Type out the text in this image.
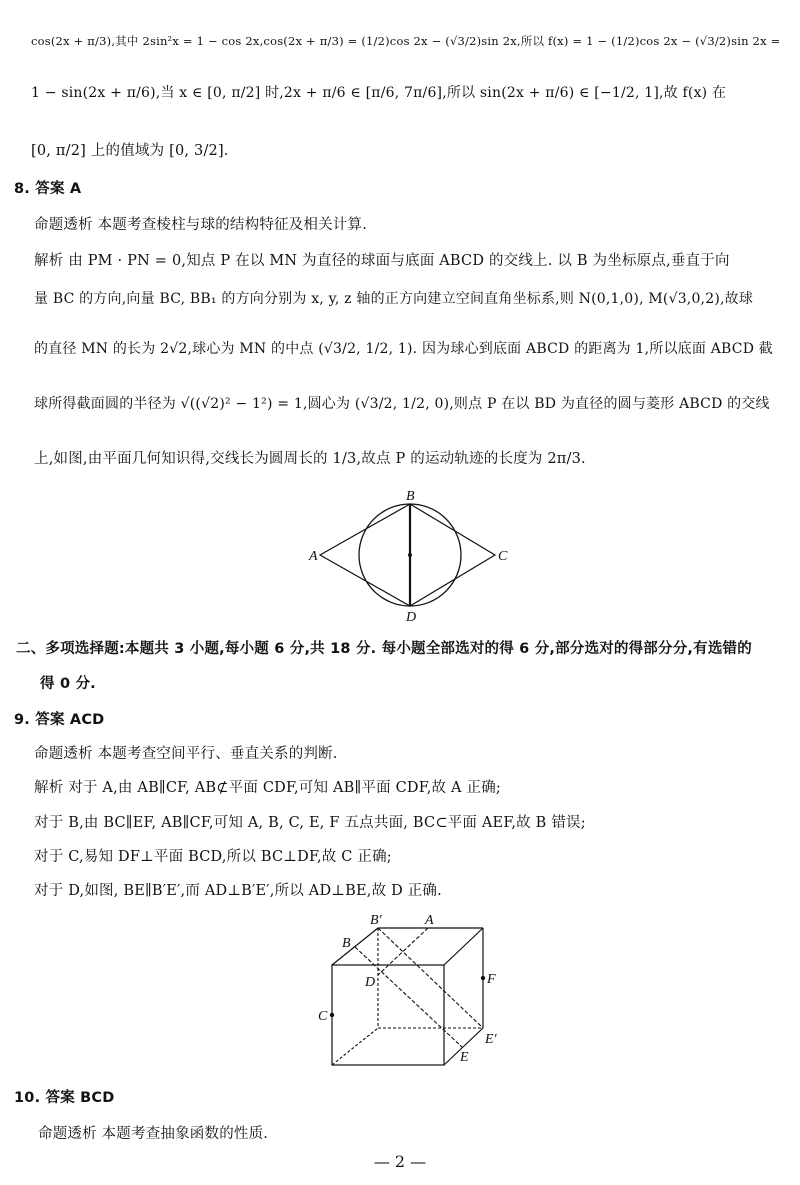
cos(2x + π/3),其中 2sin²x = 1 − cos 2x,cos(2x + π/3) = (1/2)cos 2x − (√3/2)sin 2x,所以 f(x) = 1 − (1/2)cos 2x − (√3/2)sin 2x =
1 − sin(2x + π/6),当 x ∈ [0, π/2] 时,2x + π/6 ∈ [π/6, 7π/6],所以 sin(2x + π/6) ∈ [−1/2, 1],故 f(x) 在
[0, π/2] 上的值域为 [0, 3/2].
8. 答案 A
命题透析 本题考查棱柱与球的结构特征及相关计算.
解析 由 PM · PN = 0,知点 P 在以 MN 为直径的球面与底面 ABCD 的交线上. 以 B 为坐标原点,垂直于向
量 BC 的方向,向量 BC, BB₁ 的方向分别为 x, y, z 轴的正方向建立空间直角坐标系,则 N(0,1,0), M(√3,0,2),故球
的直径 MN 的长为 2√2,球心为 MN 的中点 (√3/2, 1/2, 1). 因为球心到底面 ABCD 的距离为 1,所以底面 ABCD 截
球所得截面圆的半径为 √((√2)² − 1²) = 1,圆心为 (√3/2, 1/2, 0),则点 P 在以 BD 为直径的圆与菱形 ABCD 的交线
上,如图,由平面几何知识得,交线长为圆周长的 1/3,故点 P 的运动轨迹的长度为 2π/3.
B
A	C
D
二、多项选择题:本题共 3 小题,每小题 6 分,共 18 分. 每小题全部选对的得 6 分,部分选对的得部分分,有选错的
得 0 分.
9. 答案 ACD
命题透析 本题考查空间平行、垂直关系的判断.
解析 对于 A,由 AB∥CF, AB⊄平面 CDF,可知 AB∥平面 CDF,故 A 正确;
对于 B,由 BC∥EF, AB∥CF,可知 A, B, C, E, F 五点共面, BC⊂平面 AEF,故 B 错误;
对于 C,易知 DF⊥平面 BCD,所以 BC⊥DF,故 C 正确;
对于 D,如图, BE∥B′E′,而 AD⊥B′E′,所以 AD⊥BE,故 D 正确.
B′	A
B
D	F
C
E′
E
10. 答案 BCD
命题透析 本题考查抽象函数的性质.
— 2 —
